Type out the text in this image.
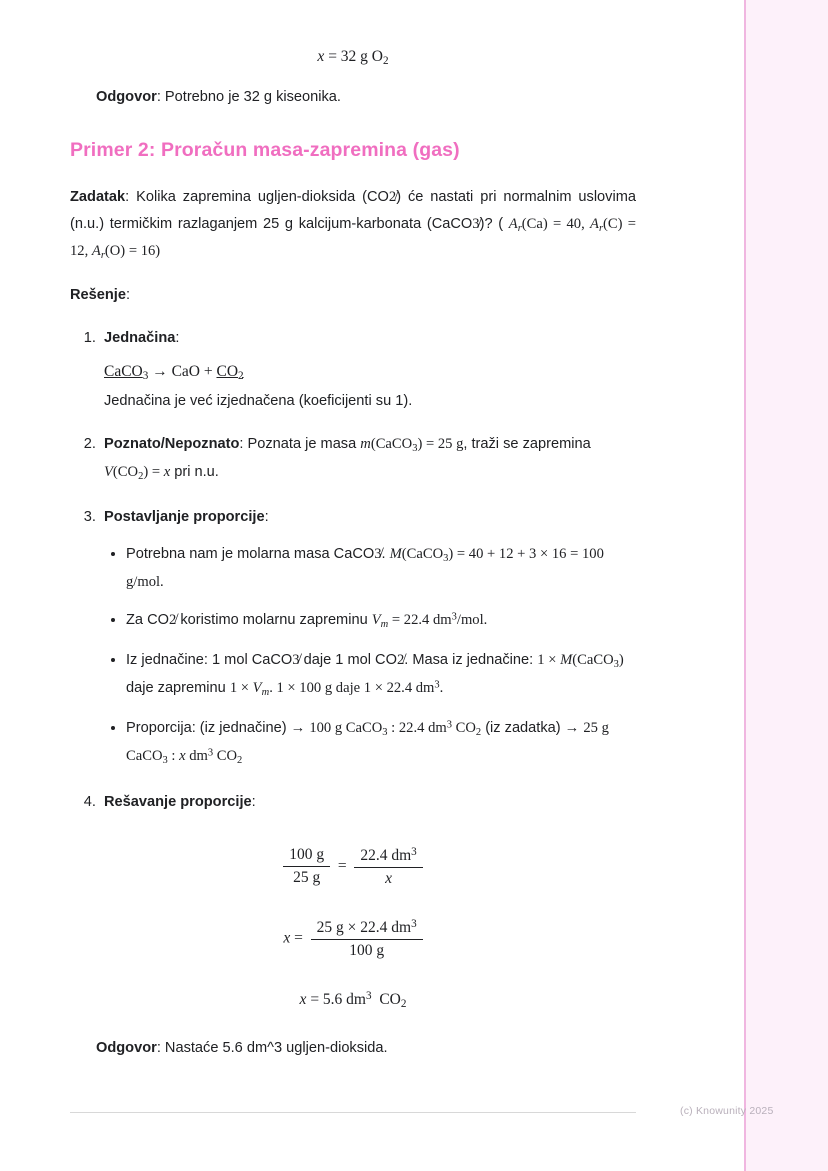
x = 32 g $O_2$
Odgovor: Potrebno je 32 g kiseonika.
Primer 2: Proračun masa-zapremina (gas)

Zadatak: Kolika zapremina ugljen-dioksida (CO2̸) će nastati pri normalnim uslovima (n.u.) termičkim razlaganjem 25 g kalcijum-karbonata (CaCO3̸)? ( $A_r(Ca) = 40$, $A_r(C) = 12$, $A_r(O) = 16$)

Rešenje:

1. Jednačina:
CaCO$_3$ → CaO + $CO_2$
Jednačina je već izjednačena (koeficijenti su 1).
2. Poznato/Nepoznato: Poznata je masa m(CaCO$_3$) = 25 g, traži se zapremina $V(CO_2) = x$ pri n.u.
3. Postavljanje proporcije:
• Potrebna nam je molarna masa CaCO3̸. M(CaCO$_3$) = 40 + 12 + 3 × 16 = 100 g/mol.
• Za CO2̸ koristimo molarnu zapreminu $V_m = 22.4$ $dm^3$/mol.
• Iz jednačine: 1 mol CaCO3̸ daje 1 mol CO2̸. Masa iz jednačine: 1 × M(CaCO$_3$) daje zapreminu $1 \times V_m$. 1 × 100 g daje 1 × 22.4 $dm^3$.
• Proporcija: (iz jednačine) → 100 g CaCO$_3$ : 22.4 $dm^3$ $CO_2$ (iz zadatka) → 25 g CaCO$_3$ : x $dm^3$ $CO_2$
4. Rešavanje proporcije:
$\frac{100 g}{25 g} = \frac{22.4 dm^3}{x}$
$x = \frac{25 g \times 22.4 dm^3}{100 g}$
x = 5.6 $dm^3$  $CO_2$
Odgovor: Nastaće 5.6 dm^3 ugljen-dioksida.
(c) Knowunity 2025
